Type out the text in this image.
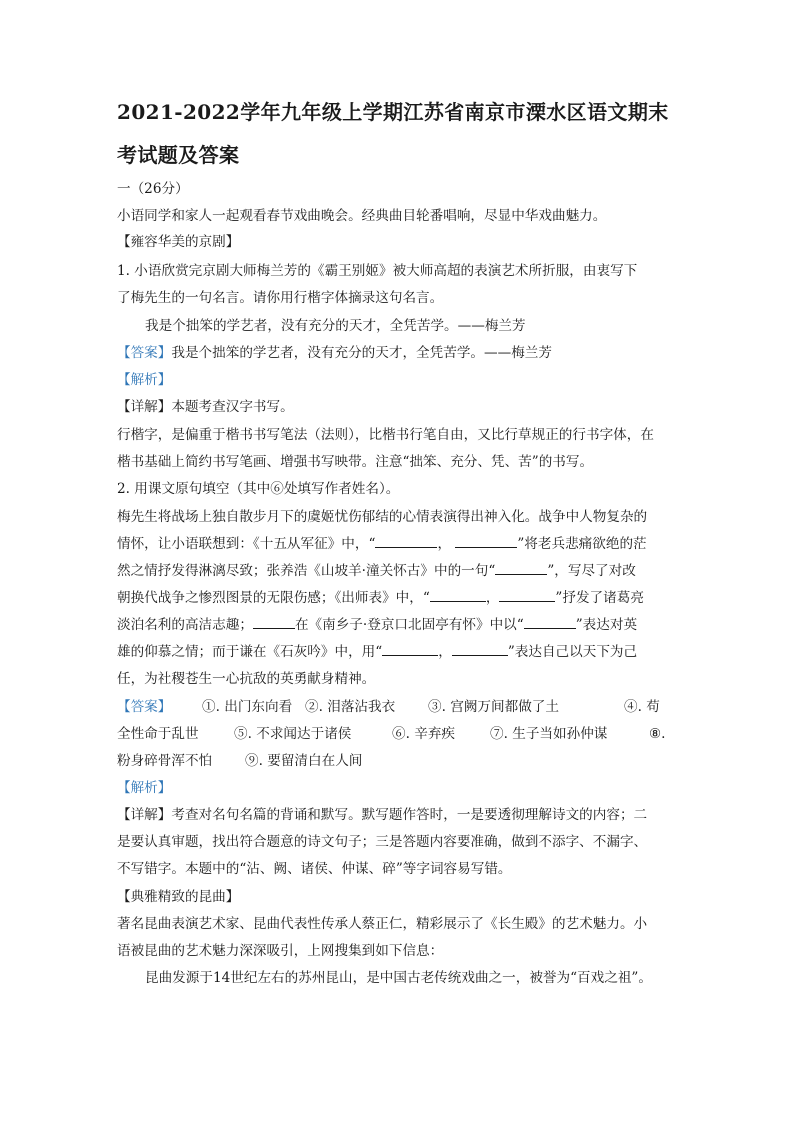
2021-2022学年九年级上学期江苏省南京市溧水区语文期末
考试题及答案
一（26分）
小语同学和家人一起观看春节戏曲晚会。经典曲目轮番唱响，尽显中华戏曲魅力。
【雍容华美的京剧】
1. 小语欣赏完京剧大师梅兰芳的《霸王别姬》被大师高超的表演艺术所折服，由衷写下
了梅先生的一句名言。请你用行楷字体摘录这句名言。
我是个拙笨的学艺者，没有充分的天才，全凭苦学。——梅兰芳
【答案】我是个拙笨的学艺者，没有充分的天才，全凭苦学。——梅兰芳
【解析】
【详解】本题考查汉字书写。
行楷字，是偏重于楷书书写笔法（法则），比楷书行笔自由，又比行草规正的行书字体，在
楷书基础上简约书写笔画、增强书写映带。注意“拙笨、充分、凭、苦”的书写。
2. 用课文原句填空（其中⑥处填写作者姓名）。
梅先生将战场上独自散步月下的虞姬忧伤郁结的心情表演得出神入化。战争中人物复杂的
情怀，让小语联想到：《十五从军征》中，“	，	”将老兵悲痛欲绝的茫
然之情抒发得淋漓尽致；张养浩《山坡羊·潼关怀古》中的一句“	”，写尽了对改
朝换代战争之惨烈图景的无限伤感；《出师表》中，“	，	”抒发了诸葛亮
淡泊名利的高洁志趣；	在《南乡子·登京口北固亭有怀》中以“	”表达对英
雄的仰慕之情；而于谦在《石灰吟》中，用“	，	”表达自己以天下为己
任，为社稷苍生一心抗敌的英勇献身精神。
【答案】 ①. 出门东向看 ②. 泪落沾我衣 ③. 宫阙万间都做了土	④. 苟
全性命于乱世	⑤. 不求闻达于诸侯	⑥. 辛弃疾	⑦. 生子当如孙仲谋	⑧.
粉身碎骨浑不怕 ⑨. 要留清白在人间
【解析】
【详解】考查对名句名篇的背诵和默写。默写题作答时，一是要透彻理解诗文的内容；二
是要认真审题，找出符合题意的诗文句子；三是答题内容要准确，做到不添字、不漏字、
不写错字。本题中的“沾、阙、诸侯、仲谋、碎”等字词容易写错。
【典雅精致的昆曲】
著名昆曲表演艺术家、昆曲代表性传承人蔡正仁，精彩展示了《长生殿》的艺术魅力。小
语被昆曲的艺术魅力深深吸引，上网搜集到如下信息：
昆曲发源于14世纪左右的苏州昆山，是中国古老传统戏曲之一，被誉为“百戏之祖”。
